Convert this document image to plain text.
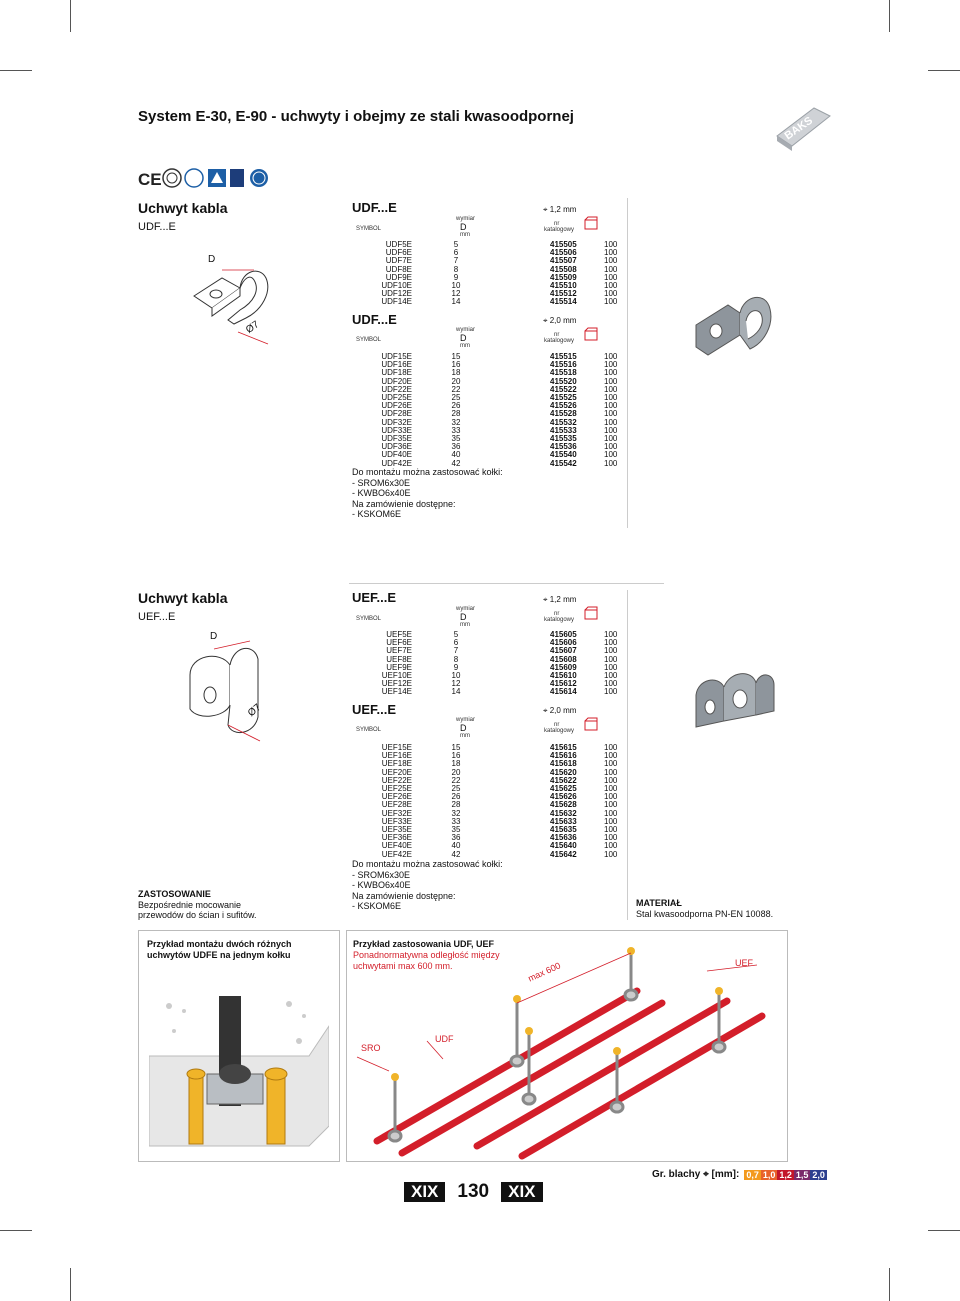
System E-30, E-90 - uchwyty i obejmy ze stali kwasoodpornej	BAKS
CE
Uchwyt kabla
UDF...E
D
Ø7
UDF...E	⌖ 1,2 mm
SYMBOL
wymiar
D
mm
nr
katalogowy
UDF5E	5	415505	100
UDF6E	6	415506	100
UDF7E	7	415507	100
UDF8E	8	415508	100
UDF9E	9	415509	100
UDF10E	10	415510	100
UDF12E	12	415512	100
UDF14E	14	415514	100
UDF...E	⌖ 2,0 mm
SYMBOL
wymiar
D
mm
nr
katalogowy
UDF15E	15	415515	100
UDF16E	16	415516	100
UDF18E	18	415518	100
UDF20E	20	415520	100
UDF22E	22	415522	100
UDF25E	25	415525	100
UDF26E	26	415526	100
UDF28E	28	415528	100
UDF32E	32	415532	100
UDF33E	33	415533	100
UDF35E	35	415535	100
UDF36E	36	415536	100
UDF40E	40	415540	100
UDF42E	42	415542	100
Do montażu można zastosować kołki:
- SROM6x30E
- KWBO6x40E
Na zamówienie dostępne:
- KSKOM6E
Uchwyt kabla
UEF...E
D
Ø7
UEF...E	⌖ 1,2 mm
SYMBOL
wymiar
D
mm
nr
katalogowy
UEF5E	5	415605	100
UEF6E	6	415606	100
UEF7E	7	415607	100
UEF8E	8	415608	100
UEF9E	9	415609	100
UEF10E	10	415610	100
UEF12E	12	415612	100
UEF14E	14	415614	100
UEF...E	⌖ 2,0 mm
SYMBOL
wymiar
D
mm
nr
katalogowy
UEF15E	15	415615	100
UEF16E	16	415616	100
UEF18E	18	415618	100
UEF20E	20	415620	100
UEF22E	22	415622	100
UEF25E	25	415625	100
UEF26E	26	415626	100
UEF28E	28	415628	100
UEF32E	32	415632	100
UEF33E	33	415633	100
UEF35E	35	415635	100
UEF36E	36	415636	100
UEF40E	40	415640	100
UEF42E	42	415642	100
Do montażu można zastosować kołki:
- SROM6x30E
- KWBO6x40E
Na zamówienie dostępne:
- KSKOM6E
ZASTOSOWANIE
Bezpośrednie mocowanie
przewodów do ścian i sufitów.
MATERIAŁ
Stal kwasoodporna PN-EN 10088.
Przykład montażu dwóch różnych
uchwytów UDFE na jednym kołku
Przykład zastosowania UDF, UEF
Ponadnormatywna odległość między
uchwytami max 600 mm.	max 600	UEF
SRO
UDF
XIX	130	XIX
Gr. blachy ⌖ [mm]: 0,7 1,0 1,2 1,5 2,0
